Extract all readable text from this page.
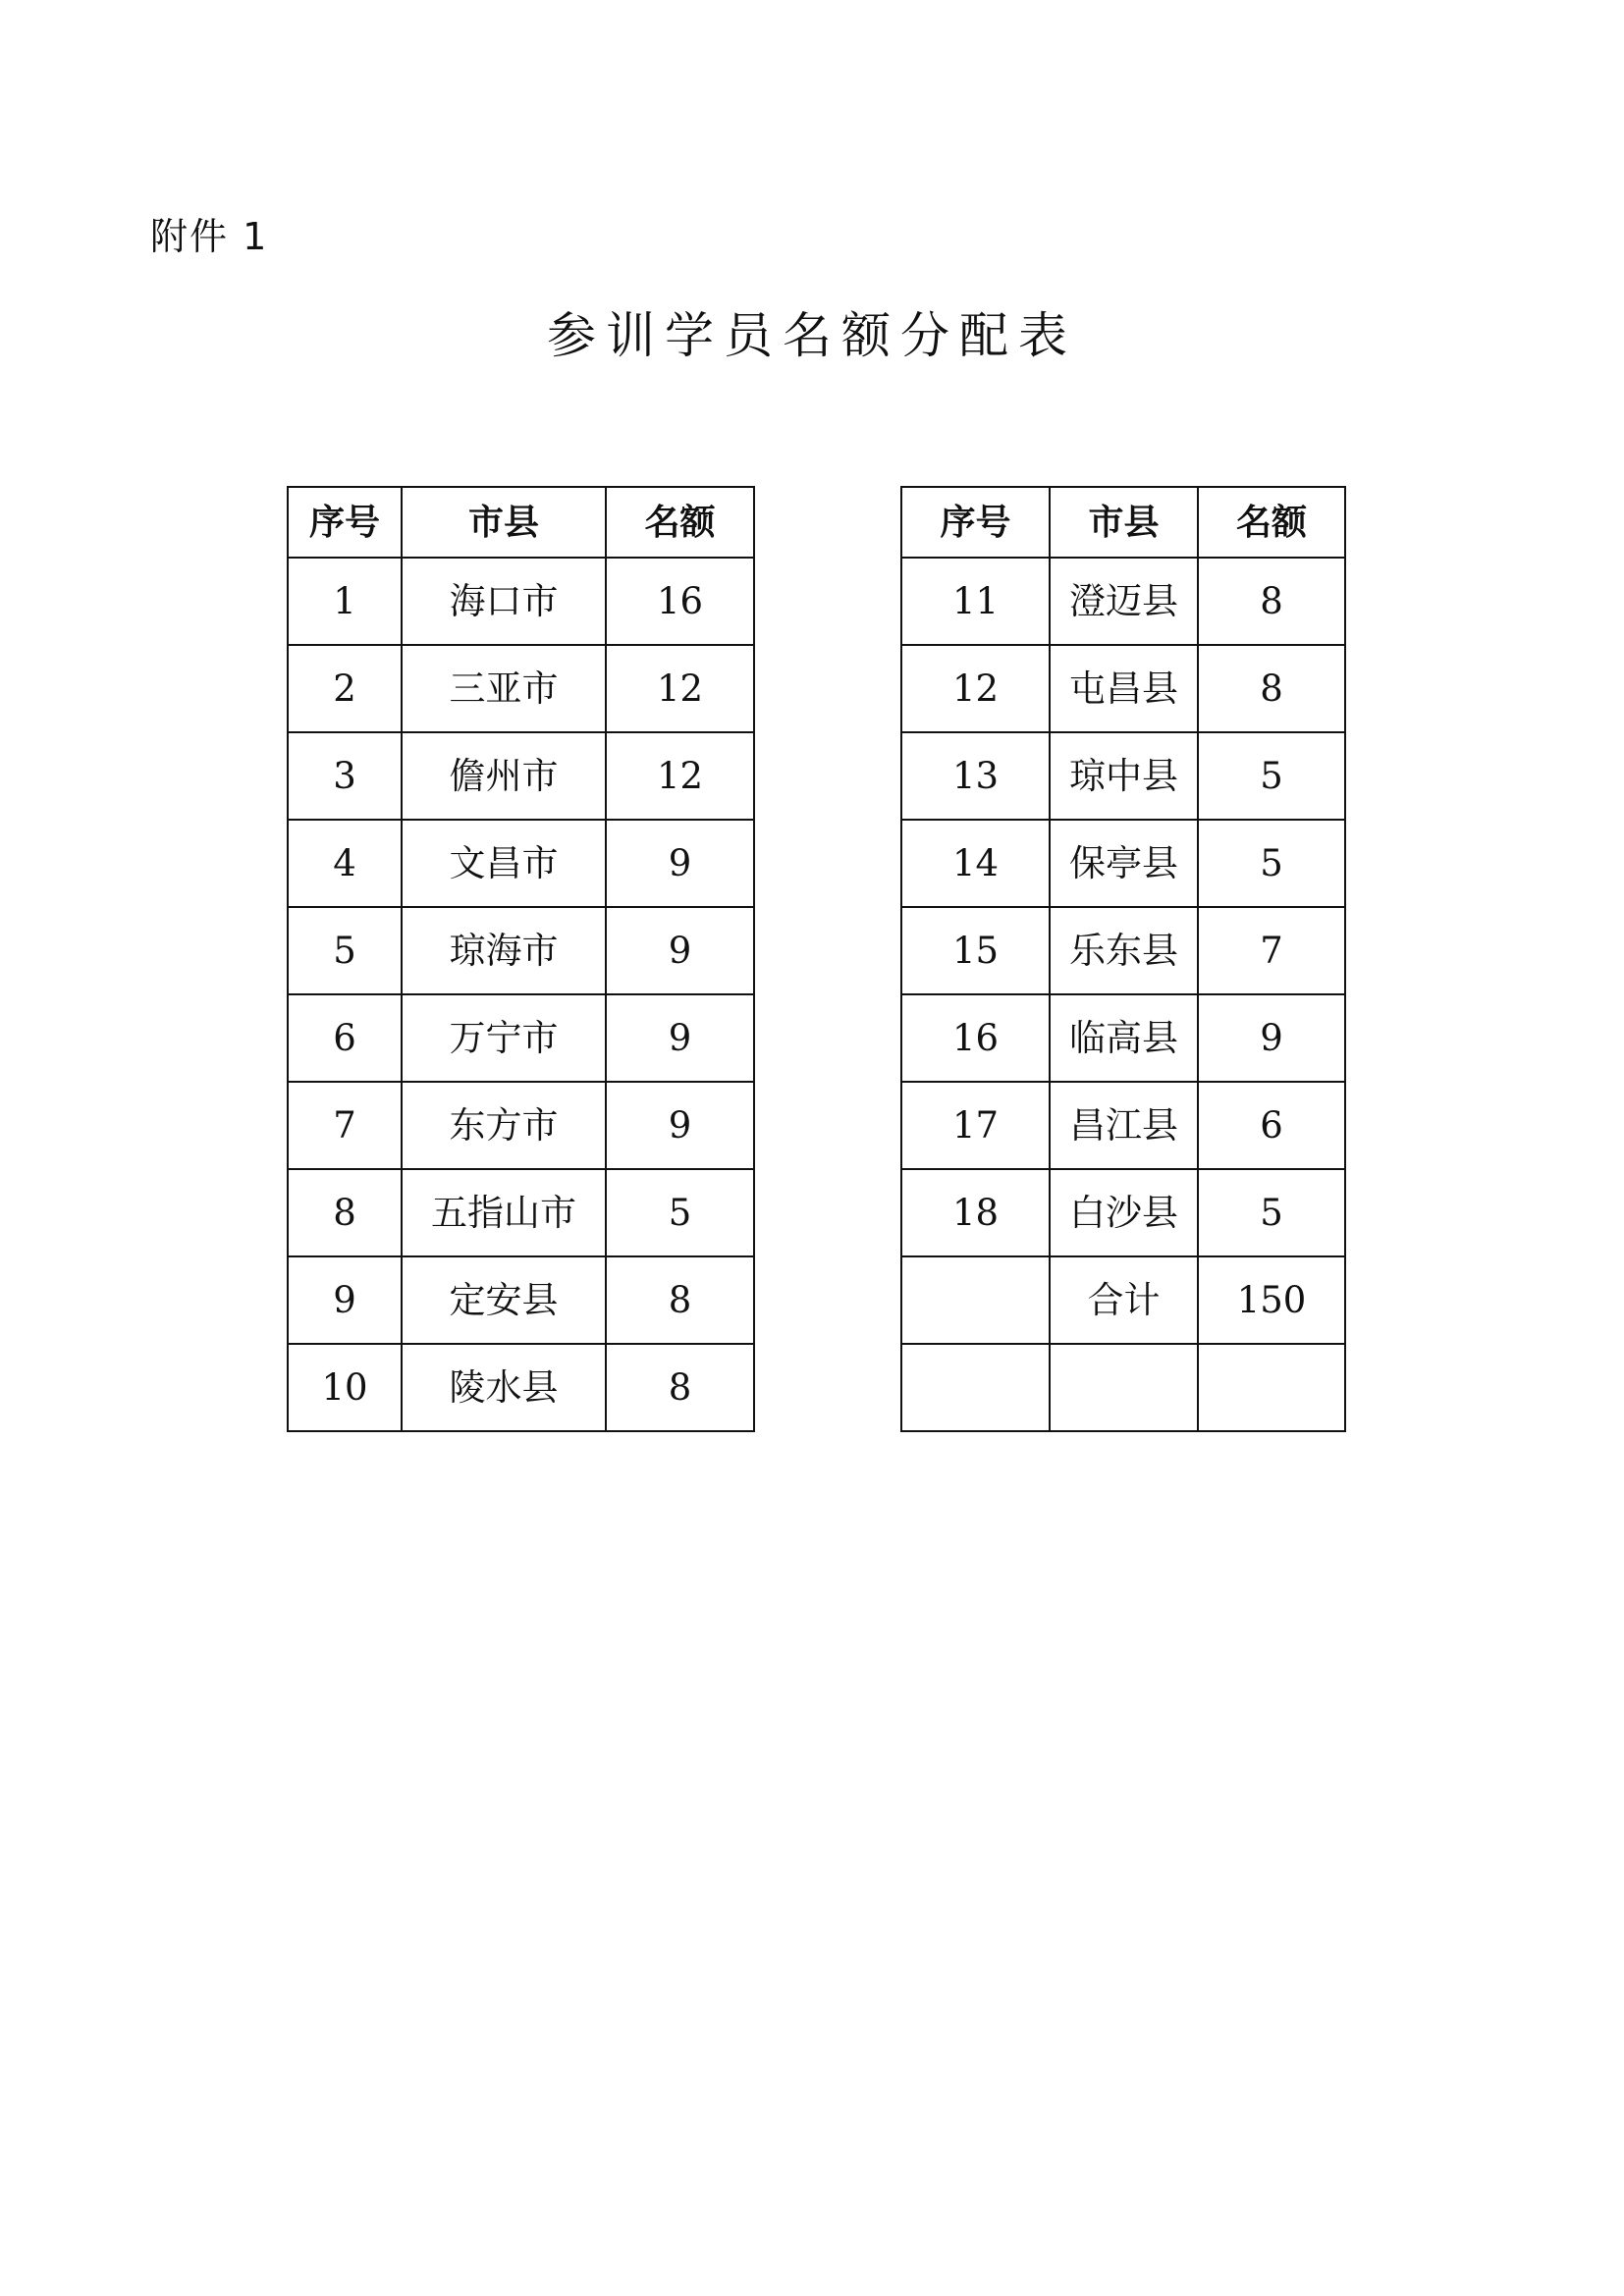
附件 1
参训学员名额分配表
序号	市县	名额
1	海口市	16
2	三亚市	12
3	儋州市	12
4	文昌市	9
5	琼海市	9
6	万宁市	9
7	东方市	9
8	五指山市	5
9	定安县	8
10	陵水县	8
序号	市县	名额
11	澄迈县	8
12	屯昌县	8
13	琼中县	5
14	保亭县	5
15	乐东县	7
16	临高县	9
17	昌江县	6
18	白沙县	5
	合计	150
